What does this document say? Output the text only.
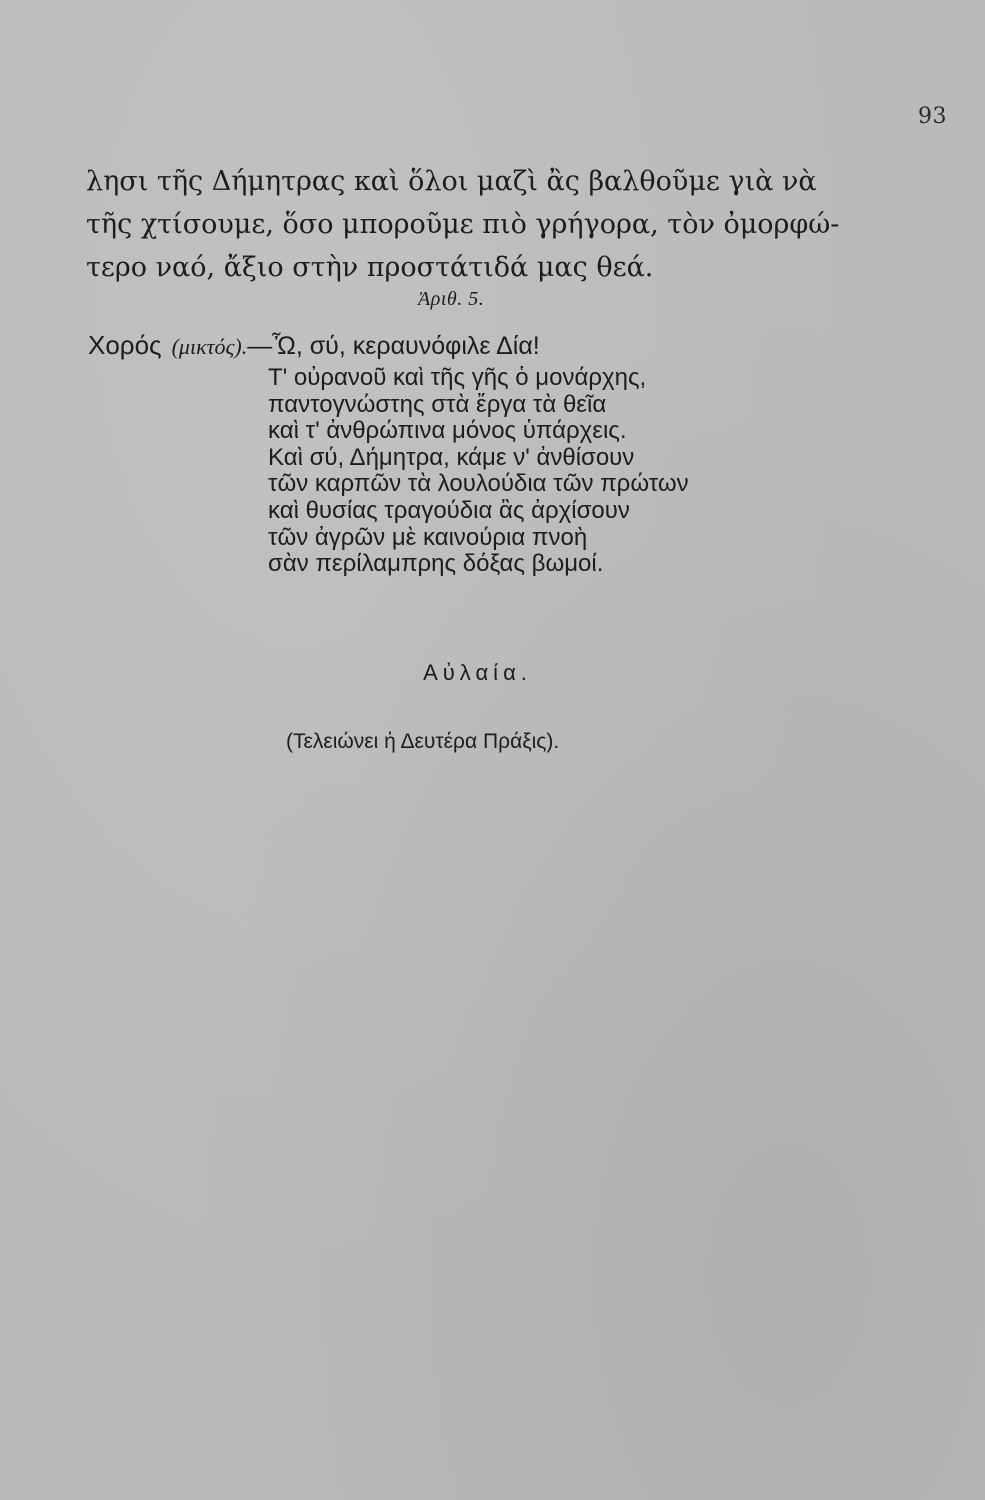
93
λησι τῆς Δήμητρας καὶ ὅλοι μαζὶ ἂς βαλθοῦμε γιὰ νὰ
τῆς χτίσουμε, ὅσο μποροῦμε πιὸ γρήγορα, τὸν ὀμορφώ-
τερο ναό, ἄξιο στὴν προστάτιδά μας θεά.
Ἀριθ. 5.
Χορός (μικτός).—Ὦ, σύ, κεραυνόφιλε Δία!
Τ' οὐρανοῦ καὶ τῆς γῆς ὁ μονάρχης,
παντογνώστης στὰ ἔργα τὰ θεῖα
καὶ τ' ἀνθρώπινα μόνος ὑπάρχεις.
Καὶ σύ, Δήμητρα, κάμε ν' ἀνθίσουν
τῶν καρπῶν τὰ λουλούδια τῶν πρώτων
καὶ θυσίας τραγούδια ἂς ἀρχίσουν
τῶν ἀγρῶν μὲ καινούρια πνοὴ
σὰν περίλαμπρης δόξας βωμοί.
Αὐλαία.
(Τελειώνει ἡ Δευτέρα Πράξις).
